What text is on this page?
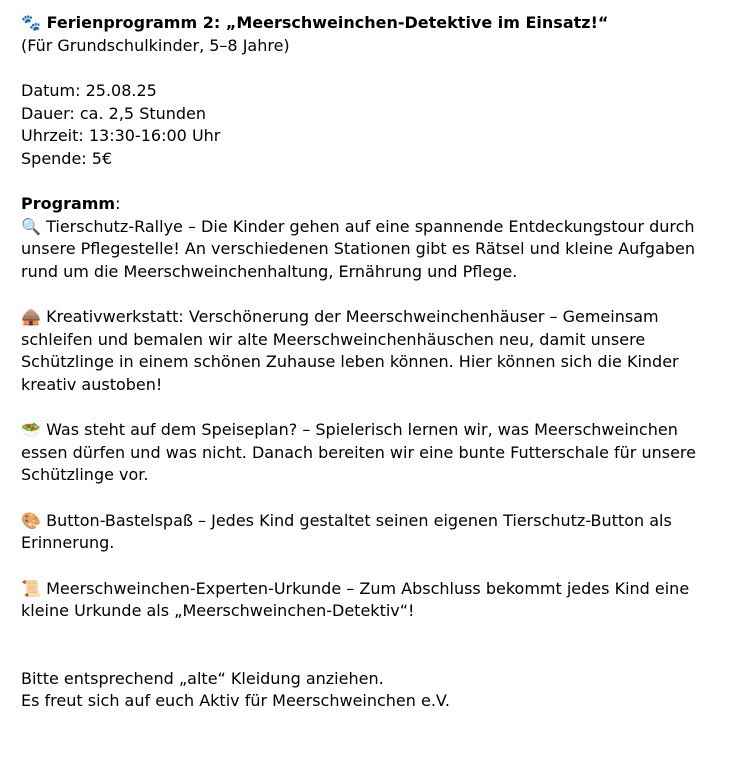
🐾 Ferienprogramm 2: „Meerschweinchen-Detektive im Einsatz!“

(Für Grundschulkinder, 5–8 Jahre)

Datum: 25.08.25

Dauer: ca. 2,5 Stunden

Uhrzeit: 13:30-16:00 Uhr

Spende: 5€

Programm:

🔍 Tierschutz-Rallye – Die Kinder gehen auf eine spannende Entdeckungstour durch unsere Pflegestelle! An verschiedenen Stationen gibt es Rätsel und kleine Aufgaben rund um die Meerschweinchenhaltung, Ernährung und Pflege.

🛖 Kreativwerkstatt: Verschönerung der Meerschweinchenhäuser – Gemeinsam schleifen und bemalen wir alte Meerschweinchenhäuschen neu, damit unsere Schützlinge in einem schönen Zuhause leben können. Hier können sich die Kinder kreativ austoben!

🥗 Was steht auf dem Speiseplan? – Spielerisch lernen wir, was Meerschweinchen essen dürfen und was nicht. Danach bereiten wir eine bunte Futterschale für unsere Schützlinge vor.

🎨 Button-Bastelspaß – Jedes Kind gestaltet seinen eigenen Tierschutz-Button als Erinnerung.

📜 Meerschweinchen-Experten-Urkunde – Zum Abschluss bekommt jedes Kind eine kleine Urkunde als „Meerschweinchen-Detektiv“!

Bitte entsprechend „alte“ Kleidung anziehen.

Es freut sich auf euch Aktiv für Meerschweinchen e.V.
